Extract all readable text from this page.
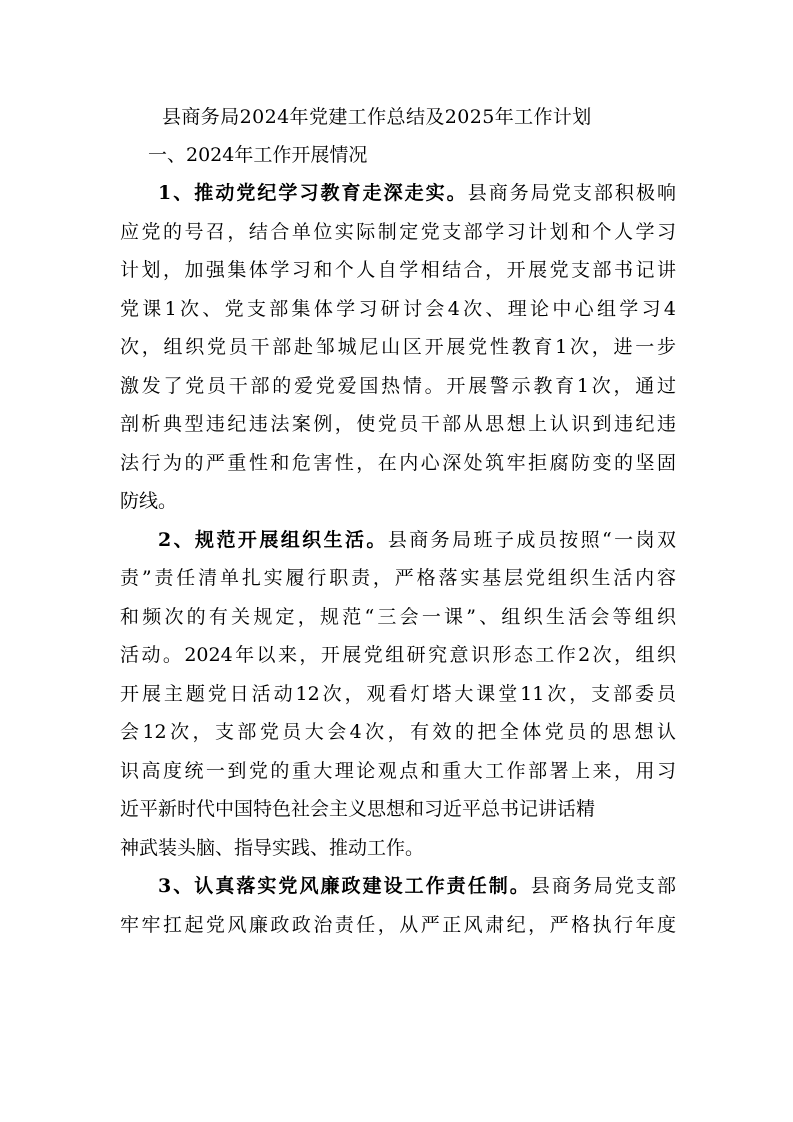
县商务局2024年党建工作总结及2025年工作计划
一、2024年工作开展情况
1、推动党纪学习教育走深走实。县商务局党支部积极响
应党的号召，结合单位实际制定党支部学习计划和个人学习
计划，加强集体学习和个人自学相结合，开展党支部书记讲
党课1次、党支部集体学习研讨会4次、理论中心组学习4
次，组织党员干部赴邹城尼山区开展党性教育1次，进一步
激发了党员干部的爱党爱国热情。开展警示教育1次，通过
剖析典型违纪违法案例，使党员干部从思想上认识到违纪违
法行为的严重性和危害性，在内心深处筑牢拒腐防变的坚固
防线。
2、规范开展组织生活。县商务局班子成员按照“一岗双
责”责任清单扎实履行职责，严格落实基层党组织生活内容
和频次的有关规定，规范“三会一课”、组织生活会等组织
活动。2024年以来，开展党组研究意识形态工作2次，组织
开展主题党日活动12次，观看灯塔大课堂11次，支部委员
会12次，支部党员大会4次，有效的把全体党员的思想认
识高度统一到党的重大理论观点和重大工作部署上来，用习
近平新时代中国特色社会主义思想和习近平总书记讲话精
神武装头脑、指导实践、推动工作。
3、认真落实党风廉政建设工作责任制。县商务局党支部
牢牢扛起党风廉政政治责任，从严正风肃纪，严格执行年度
